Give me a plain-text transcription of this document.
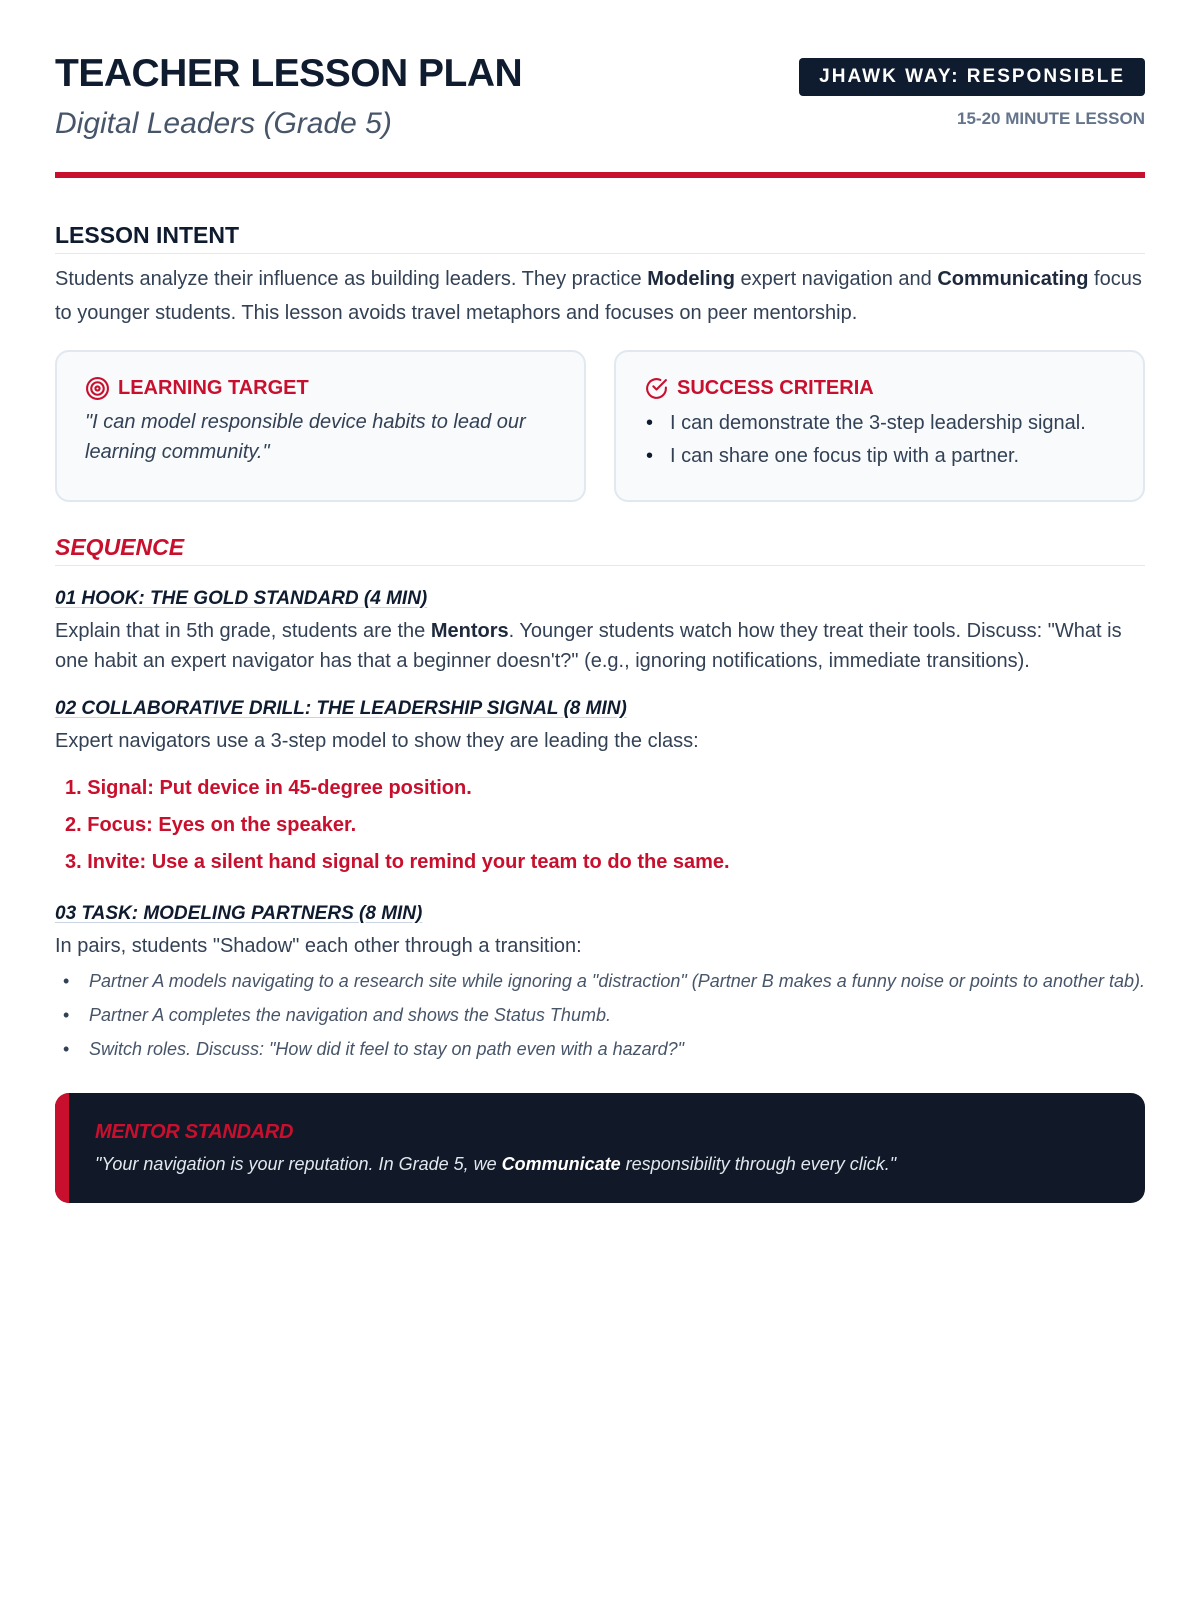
TEACHER LESSON PLAN
Digital Leaders (Grade 5)
JHAWK WAY: RESPONSIBLE
15-20 MINUTE LESSON
LESSON INTENT

Students analyze their influence as building leaders. They practice Modeling expert navigation and Communicating focus to younger students. This lesson avoids travel metaphors and focuses on peer mentorship.

LEARNING TARGET

"I can model responsible device habits to lead our learning community."

SUCCESS CRITERIA
• I can demonstrate the 3-step leadership signal.
• I can share one focus tip with a partner.
SEQUENCE
01 HOOK: THE GOLD STANDARD (4 MIN)

Explain that in 5th grade, students are the Mentors. Younger students watch how they treat their tools. Discuss: "What is one habit an expert navigator has that a beginner doesn't?" (e.g., ignoring notifications, immediate transitions).

02 COLLABORATIVE DRILL: THE LEADERSHIP SIGNAL (8 MIN)

Expert navigators use a 3-step model to show they are leading the class:

1. Signal: Put device in 45-degree position.
2. Focus: Eyes on the speaker.
3. Invite: Use a silent hand signal to remind your team to do the same.
03 TASK: MODELING PARTNERS (8 MIN)

In pairs, students "Shadow" each other through a transition:

• Partner A models navigating to a research site while ignoring a "distraction" (Partner B makes a funny noise or points to another tab).
• Partner A completes the navigation and shows the Status Thumb.
• Switch roles. Discuss: "How did it feel to stay on path even with a hazard?"
MENTOR STANDARD

"Your navigation is your reputation. In Grade 5, we Communicate responsibility through every click."
